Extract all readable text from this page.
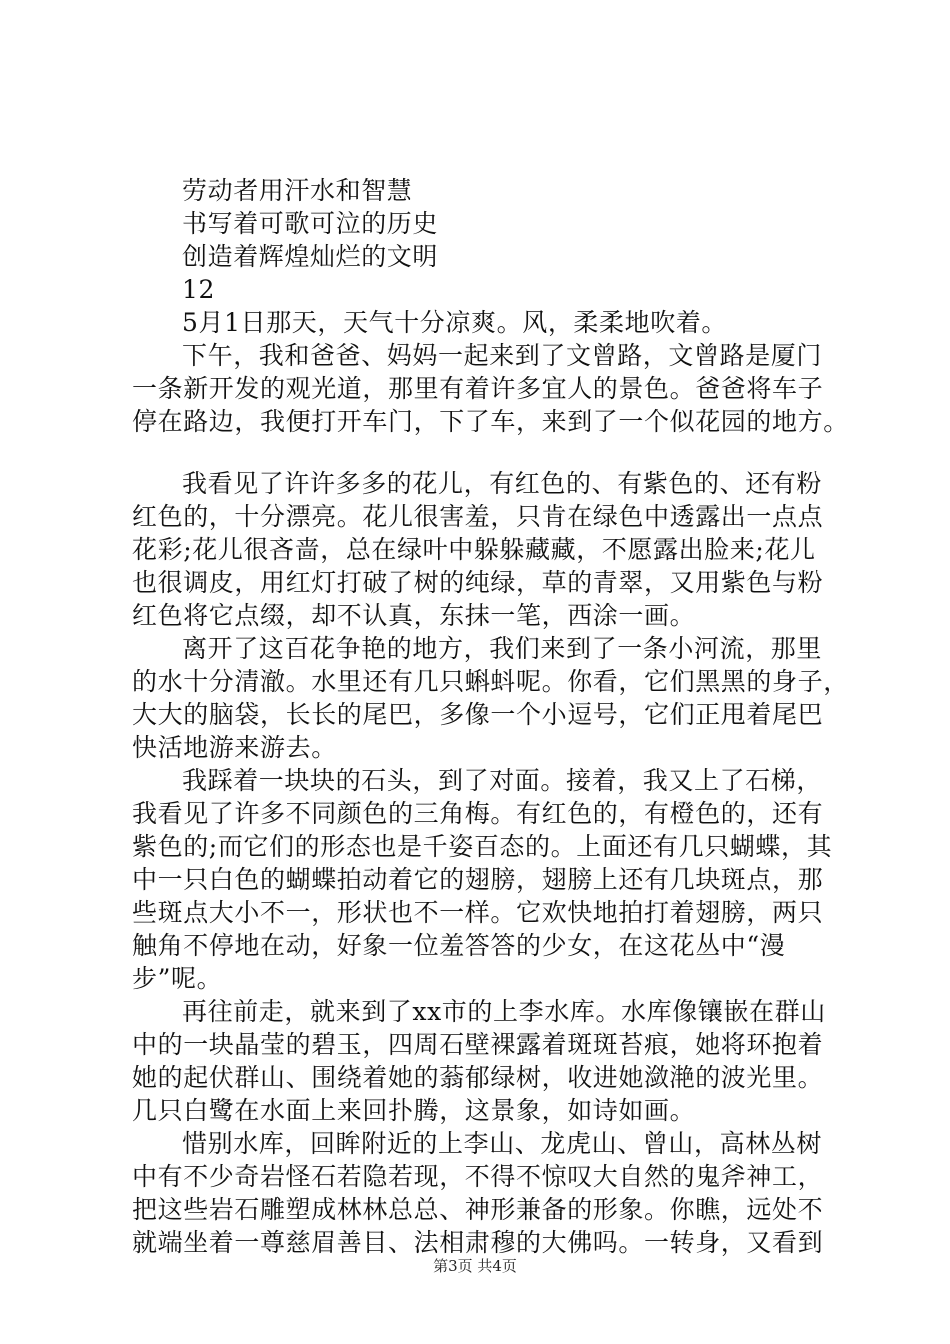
劳动者用汗水和智慧
书写着可歌可泣的历史
创造着辉煌灿烂的文明
12
5月1日那天，天气十分凉爽。风，柔柔地吹着。
下午，我和爸爸、妈妈一起来到了文曾路，文曾路是厦门
一条新开发的观光道，那里有着许多宜人的景色。爸爸将车子
停在路边，我便打开车门，下了车，来到了一个似花园的地方。
我看见了许许多多的花儿，有红色的、有紫色的、还有粉
红色的，十分漂亮。花儿很害羞，只肯在绿色中透露出一点点
花彩;花儿很吝啬，总在绿叶中躲躲藏藏，不愿露出脸来;花儿
也很调皮，用红灯打破了树的纯绿，草的青翠，又用紫色与粉
红色将它点缀，却不认真，东抹一笔，西涂一画。
离开了这百花争艳的地方，我们来到了一条小河流，那里
的水十分清澈。水里还有几只蝌蚪呢。你看，它们黑黑的身子，
大大的脑袋，长长的尾巴，多像一个小逗号，它们正甩着尾巴
快活地游来游去。
我踩着一块块的石头，到了对面。接着，我又上了石梯，
我看见了许多不同颜色的三角梅。有红色的，有橙色的，还有
紫色的;而它们的形态也是千姿百态的。上面还有几只蝴蝶，其
中一只白色的蝴蝶拍动着它的翅膀，翅膀上还有几块斑点，那
些斑点大小不一，形状也不一样。它欢快地拍打着翅膀，两只
触角不停地在动，好象一位羞答答的少女，在这花丛中“漫
步”呢。
再往前走，就来到了xx市的上李水库。水库像镶嵌在群山
中的一块晶莹的碧玉，四周石壁裸露着斑斑苔痕，她将环抱着
她的起伏群山、围绕着她的蓊郁绿树，收进她潋滟的波光里。
几只白鹭在水面上来回扑腾，这景象，如诗如画。
惜别水库，回眸附近的上李山、龙虎山、曾山，高林丛树
中有不少奇岩怪石若隐若现，不得不惊叹大自然的鬼斧神工，
把这些岩石雕塑成林林总总、神形兼备的形象。你瞧，远处不
就端坐着一尊慈眉善目、法相肃穆的大佛吗。一转身，又看到
第3页 共4页
